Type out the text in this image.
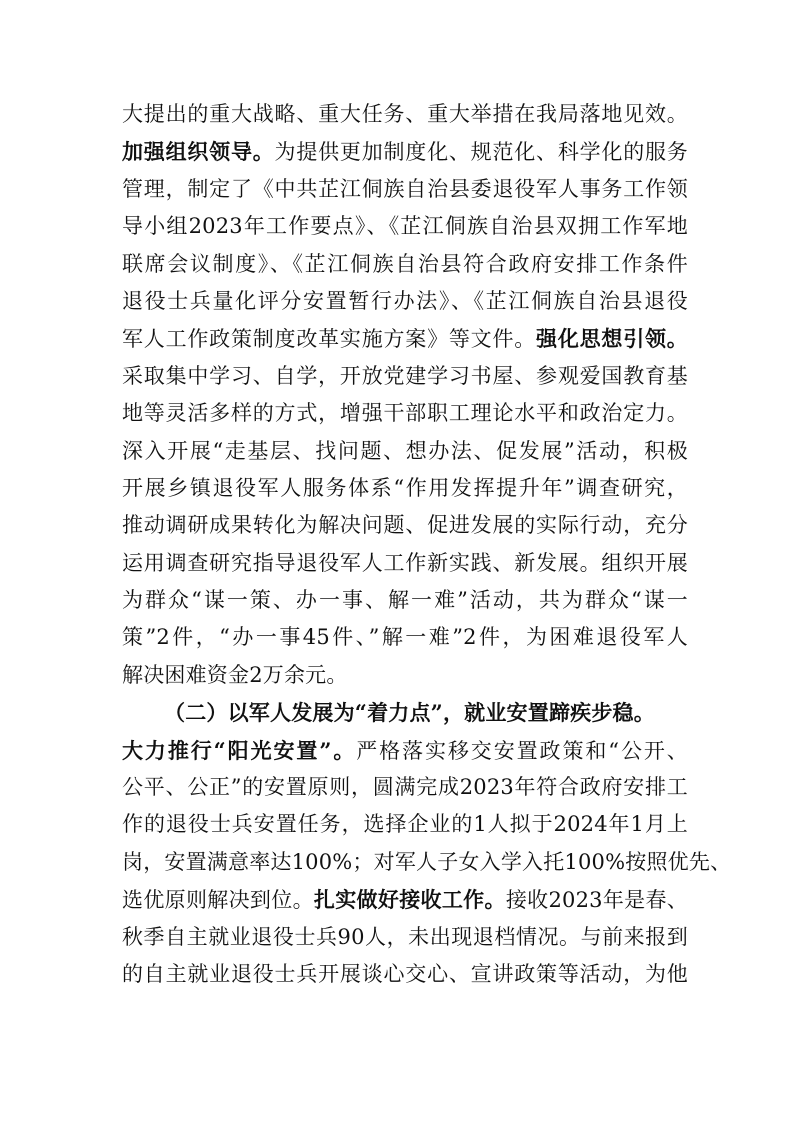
大提出的重大战略、重大任务、重大举措在我局落地见效。
加强组织领导。为提供更加制度化、规范化、科学化的服务
管理，制定了《中共芷江侗族自治县委退役军人事务工作领
导小组2023年工作要点》、《芷江侗族自治县双拥工作军地
联席会议制度》、《芷江侗族自治县符合政府安排工作条件
退役士兵量化评分安置暂行办法》、《芷江侗族自治县退役
军人工作政策制度改革实施方案》等文件。强化思想引领。
采取集中学习、自学，开放党建学习书屋、参观爱国教育基
地等灵活多样的方式，增强干部职工理论水平和政治定力。
深入开展“走基层、找问题、想办法、促发展”活动，积极
开展乡镇退役军人服务体系“作用发挥提升年”调查研究，
推动调研成果转化为解决问题、促进发展的实际行动，充分
运用调查研究指导退役军人工作新实践、新发展。组织开展
为群众“谋一策、办一事、解一难”活动，共为群众“谋一
策”2件，“办一事45件、”解一难”2件，为困难退役军人
解决困难资金2万余元。
（二）以军人发展为“着力点”，就业安置蹄疾步稳。
大力推行“阳光安置”。严格落实移交安置政策和“公开、
公平、公正”的安置原则，圆满完成2023年符合政府安排工
作的退役士兵安置任务，选择企业的1人拟于2024年1月上
岗，安置满意率达100%；对军人子女入学入托100%按照优先、
选优原则解决到位。扎实做好接收工作。接收2023年是春、
秋季自主就业退役士兵90人，未出现退档情况。与前来报到
的自主就业退役士兵开展谈心交心、宣讲政策等活动，为他
